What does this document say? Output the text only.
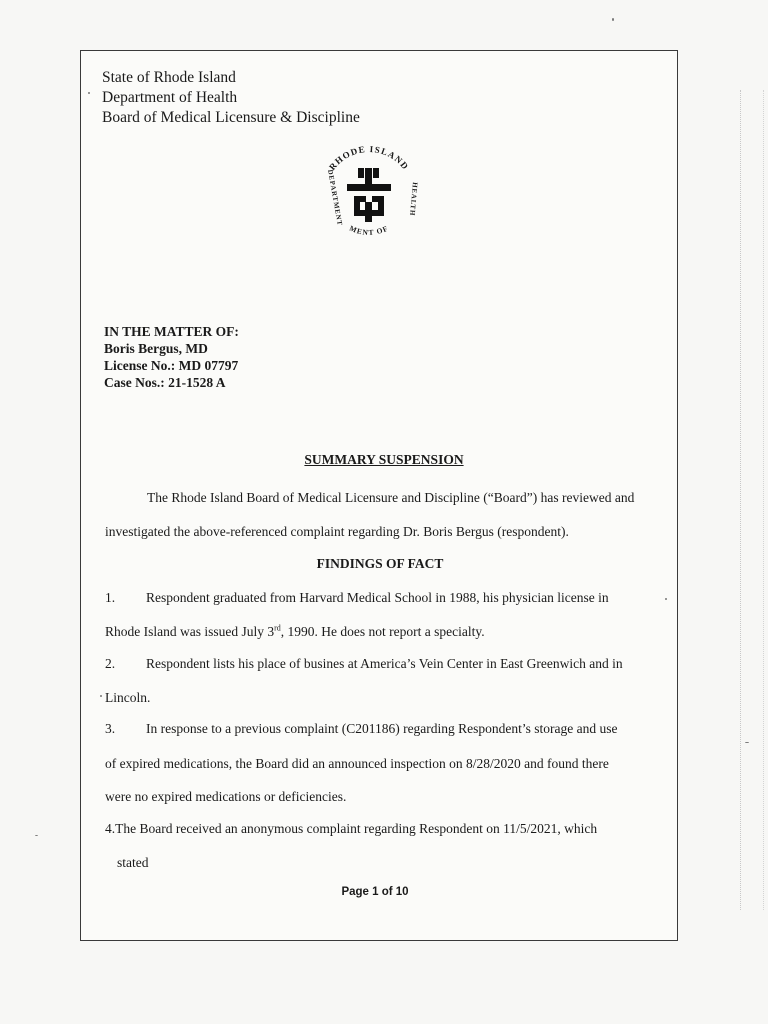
State of Rhode Island
Department of Health
Board of Medical Licensure & Discipline
RHODE ISLAND
MENT OF
DEPARTMENT	HEALTH
IN THE MATTER OF:
Boris Bergus, MD
License No.: MD 07797
Case Nos.: 21-1528 A
SUMMARY SUSPENSION
The Rhode Island Board of Medical Licensure and Discipline (“Board”) has reviewed and
investigated the above-referenced complaint regarding Dr. Boris Bergus (respondent).
FINDINGS OF FACT
1. Respondent graduated from Harvard Medical School in 1988, his physician license in
Rhode Island was issued July 3rd, 1990. He does not report a specialty.
2. Respondent lists his place of busines at America’s Vein Center in East Greenwich and in
Lincoln.
3. In response to a previous complaint (C201186) regarding Respondent’s storage and use
of expired medications, the Board did an announced inspection on 8/28/2020 and found there
were no expired medications or deficiencies.
4.The Board received an anonymous complaint regarding Respondent on 11/5/2021, which
stated
Page 1 of 10
